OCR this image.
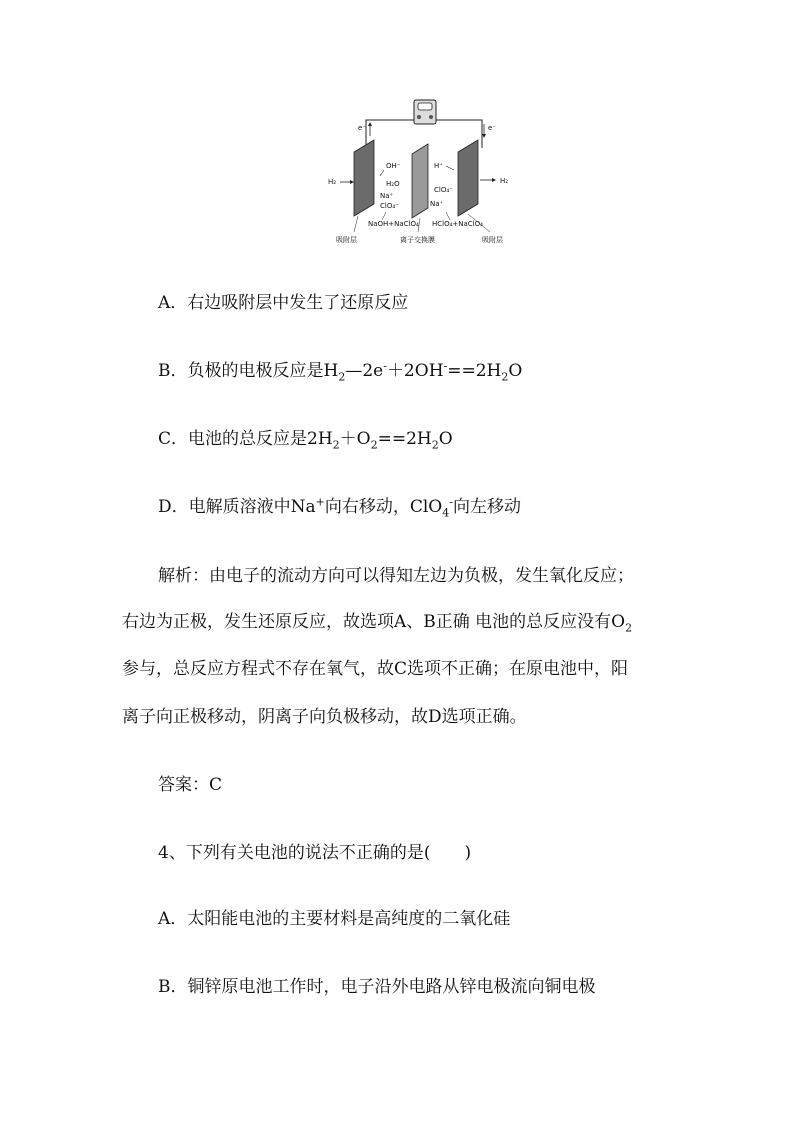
e⁻	e⁻
H₂	H₂
OH⁻
H₂O
Na⁺
ClO₄⁻
H⁺
ClO₄⁻
Na⁺
NaOH+NaClO₄ HClO₄+NaClO₄
吸附层	离子交换膜	吸附层
A．右边吸附层中发生了还原反应
B．负极的电极反应是$H_2—2e^-+2OH^-==2H_2O$
C．电池的总反应是$2H_2+O_2==2H_2O$
D．电解质溶液中Na+向右移动，ClO$_4$-向左移动
解析：由电子的流动方向可以得知左边为负极，发生氧化反应；
右边为正极，发生还原反应，故选项A、B正确 电池的总反应没有$O_2$
参与，总反应方程式不存在氧气，故C选项不正确；在原电池中，阳
离子向正极移动，阴离子向负极移动，故D选项正确。
答案：C
4、下列有关电池的说法不正确的是(　　)
A．太阳能电池的主要材料是高纯度的二氧化硅
B．铜锌原电池工作时，电子沿外电路从锌电极流向铜电极
